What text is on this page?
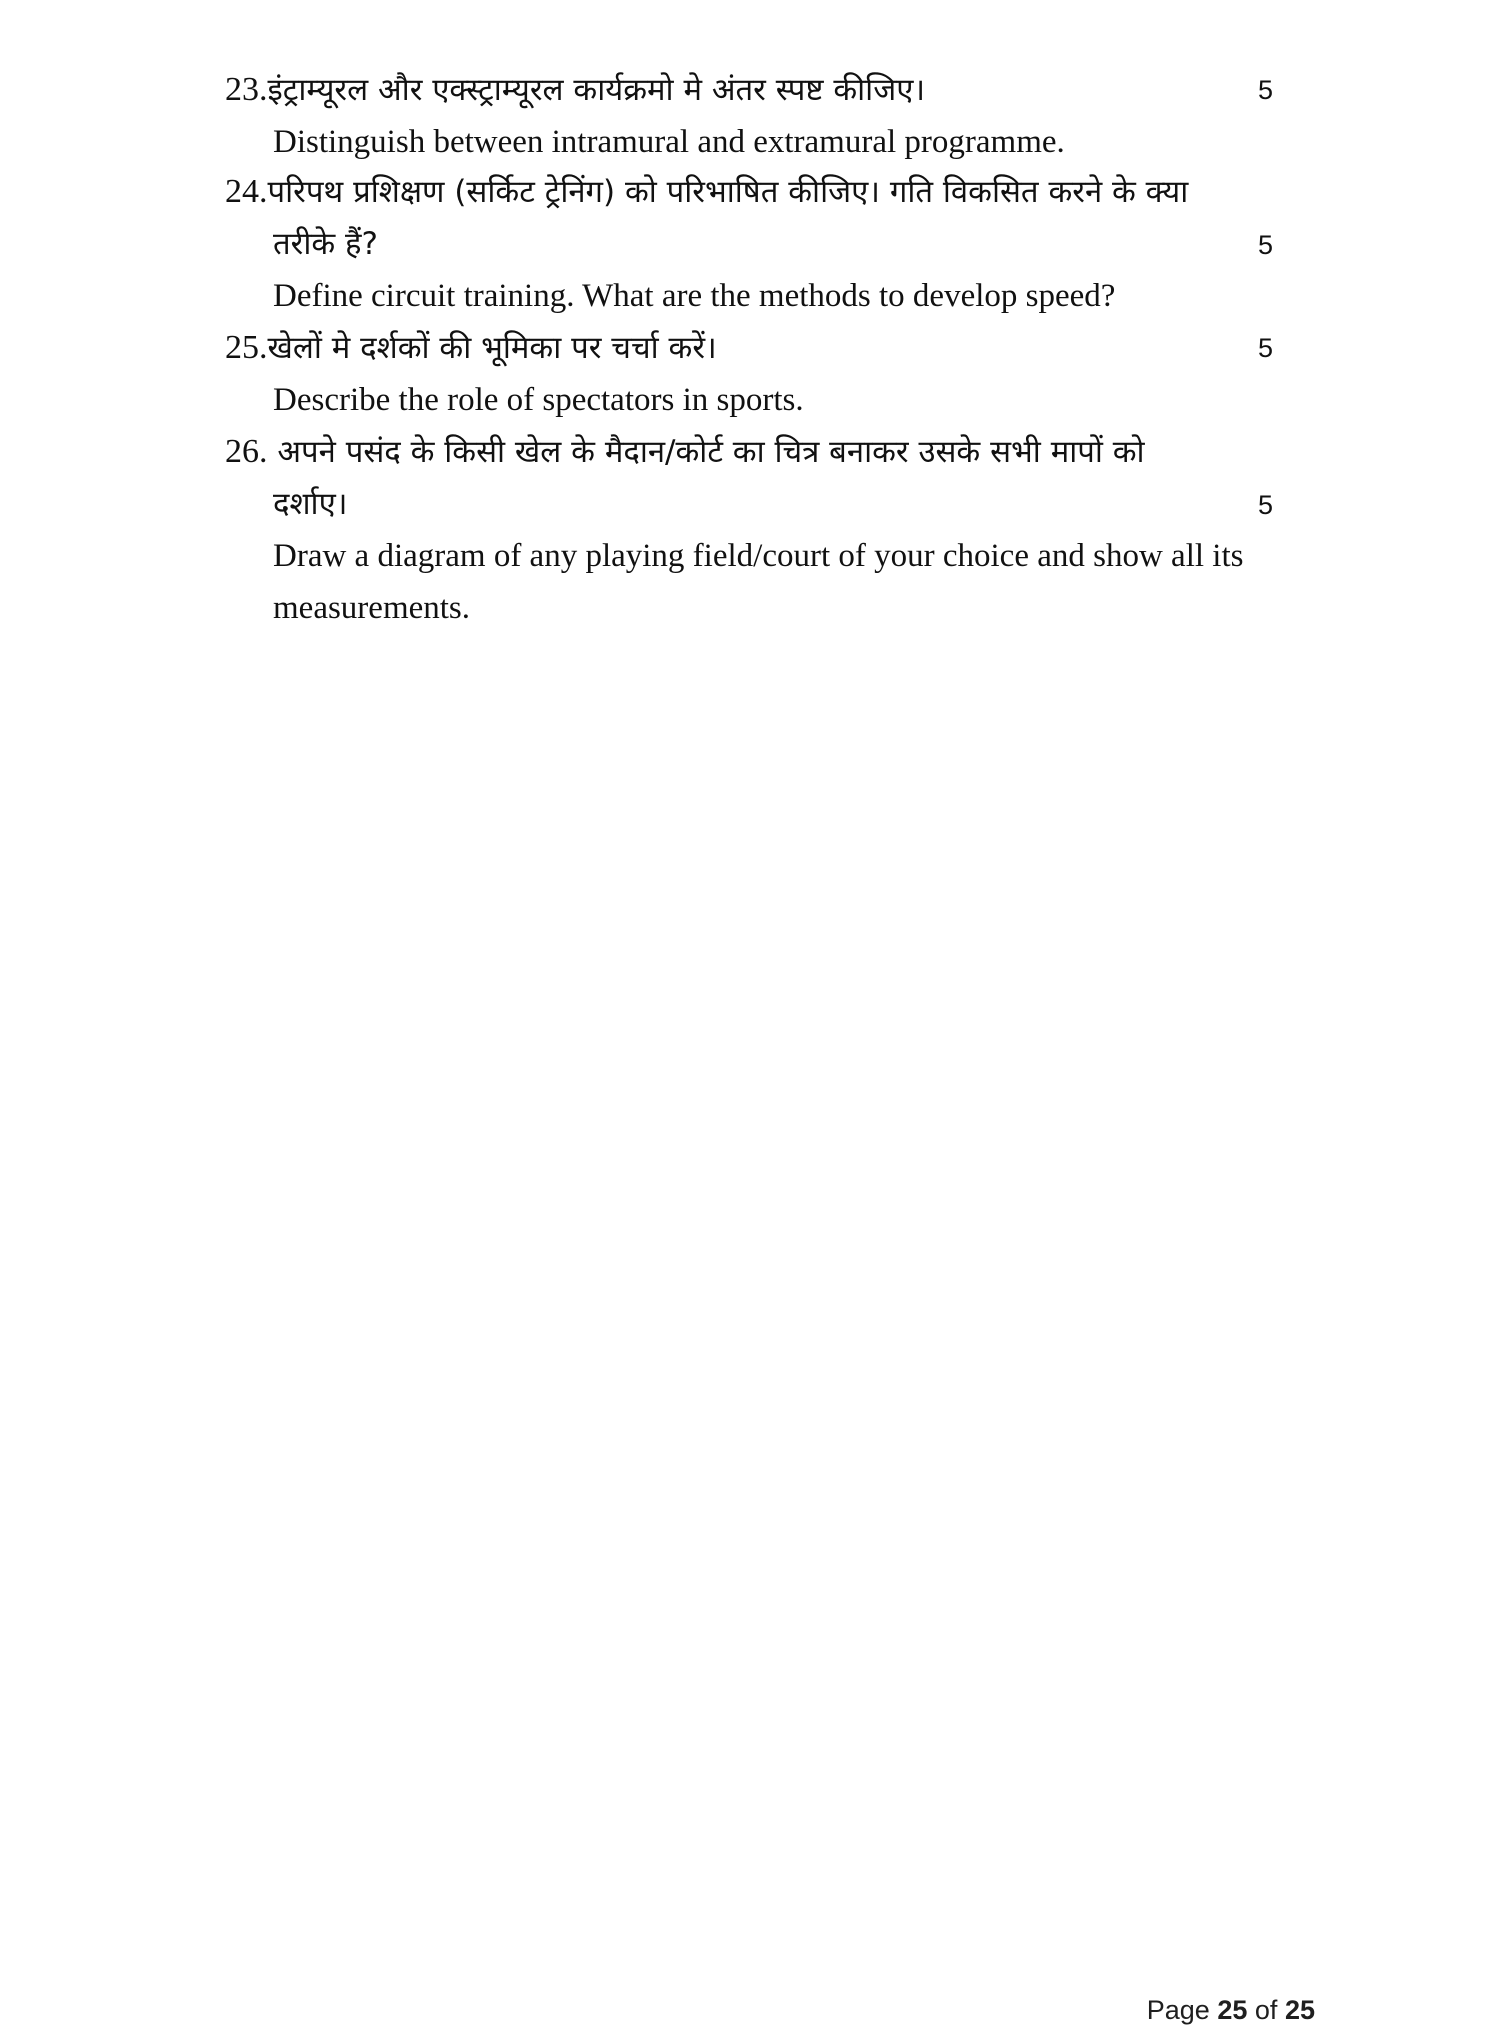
23.इंट्राम्यूरल और एक्स्ट्राम्यूरल कार्यक्रमो मे अंतर स्पष्ट कीजिए।
Distinguish between intramural and extramural programme.
5
24.परिपथ प्रशिक्षण (सर्किट ट्रेनिंग) को परिभाषित कीजिए। गति विकसित करने के क्या
तरीके हैं?
Define circuit training. What are the methods to develop speed?
5
25.खेलों मे दर्शकों की भूमिका पर चर्चा करें।
Describe the role of spectators in sports.
5
26. अपने पसंद के किसी खेल के मैदान/कोर्ट का चित्र बनाकर उसके सभी मापों को
दर्शाए।
Draw a diagram of any playing field/court of your choice and show all its
measurements.
5
Page 25 of 25
